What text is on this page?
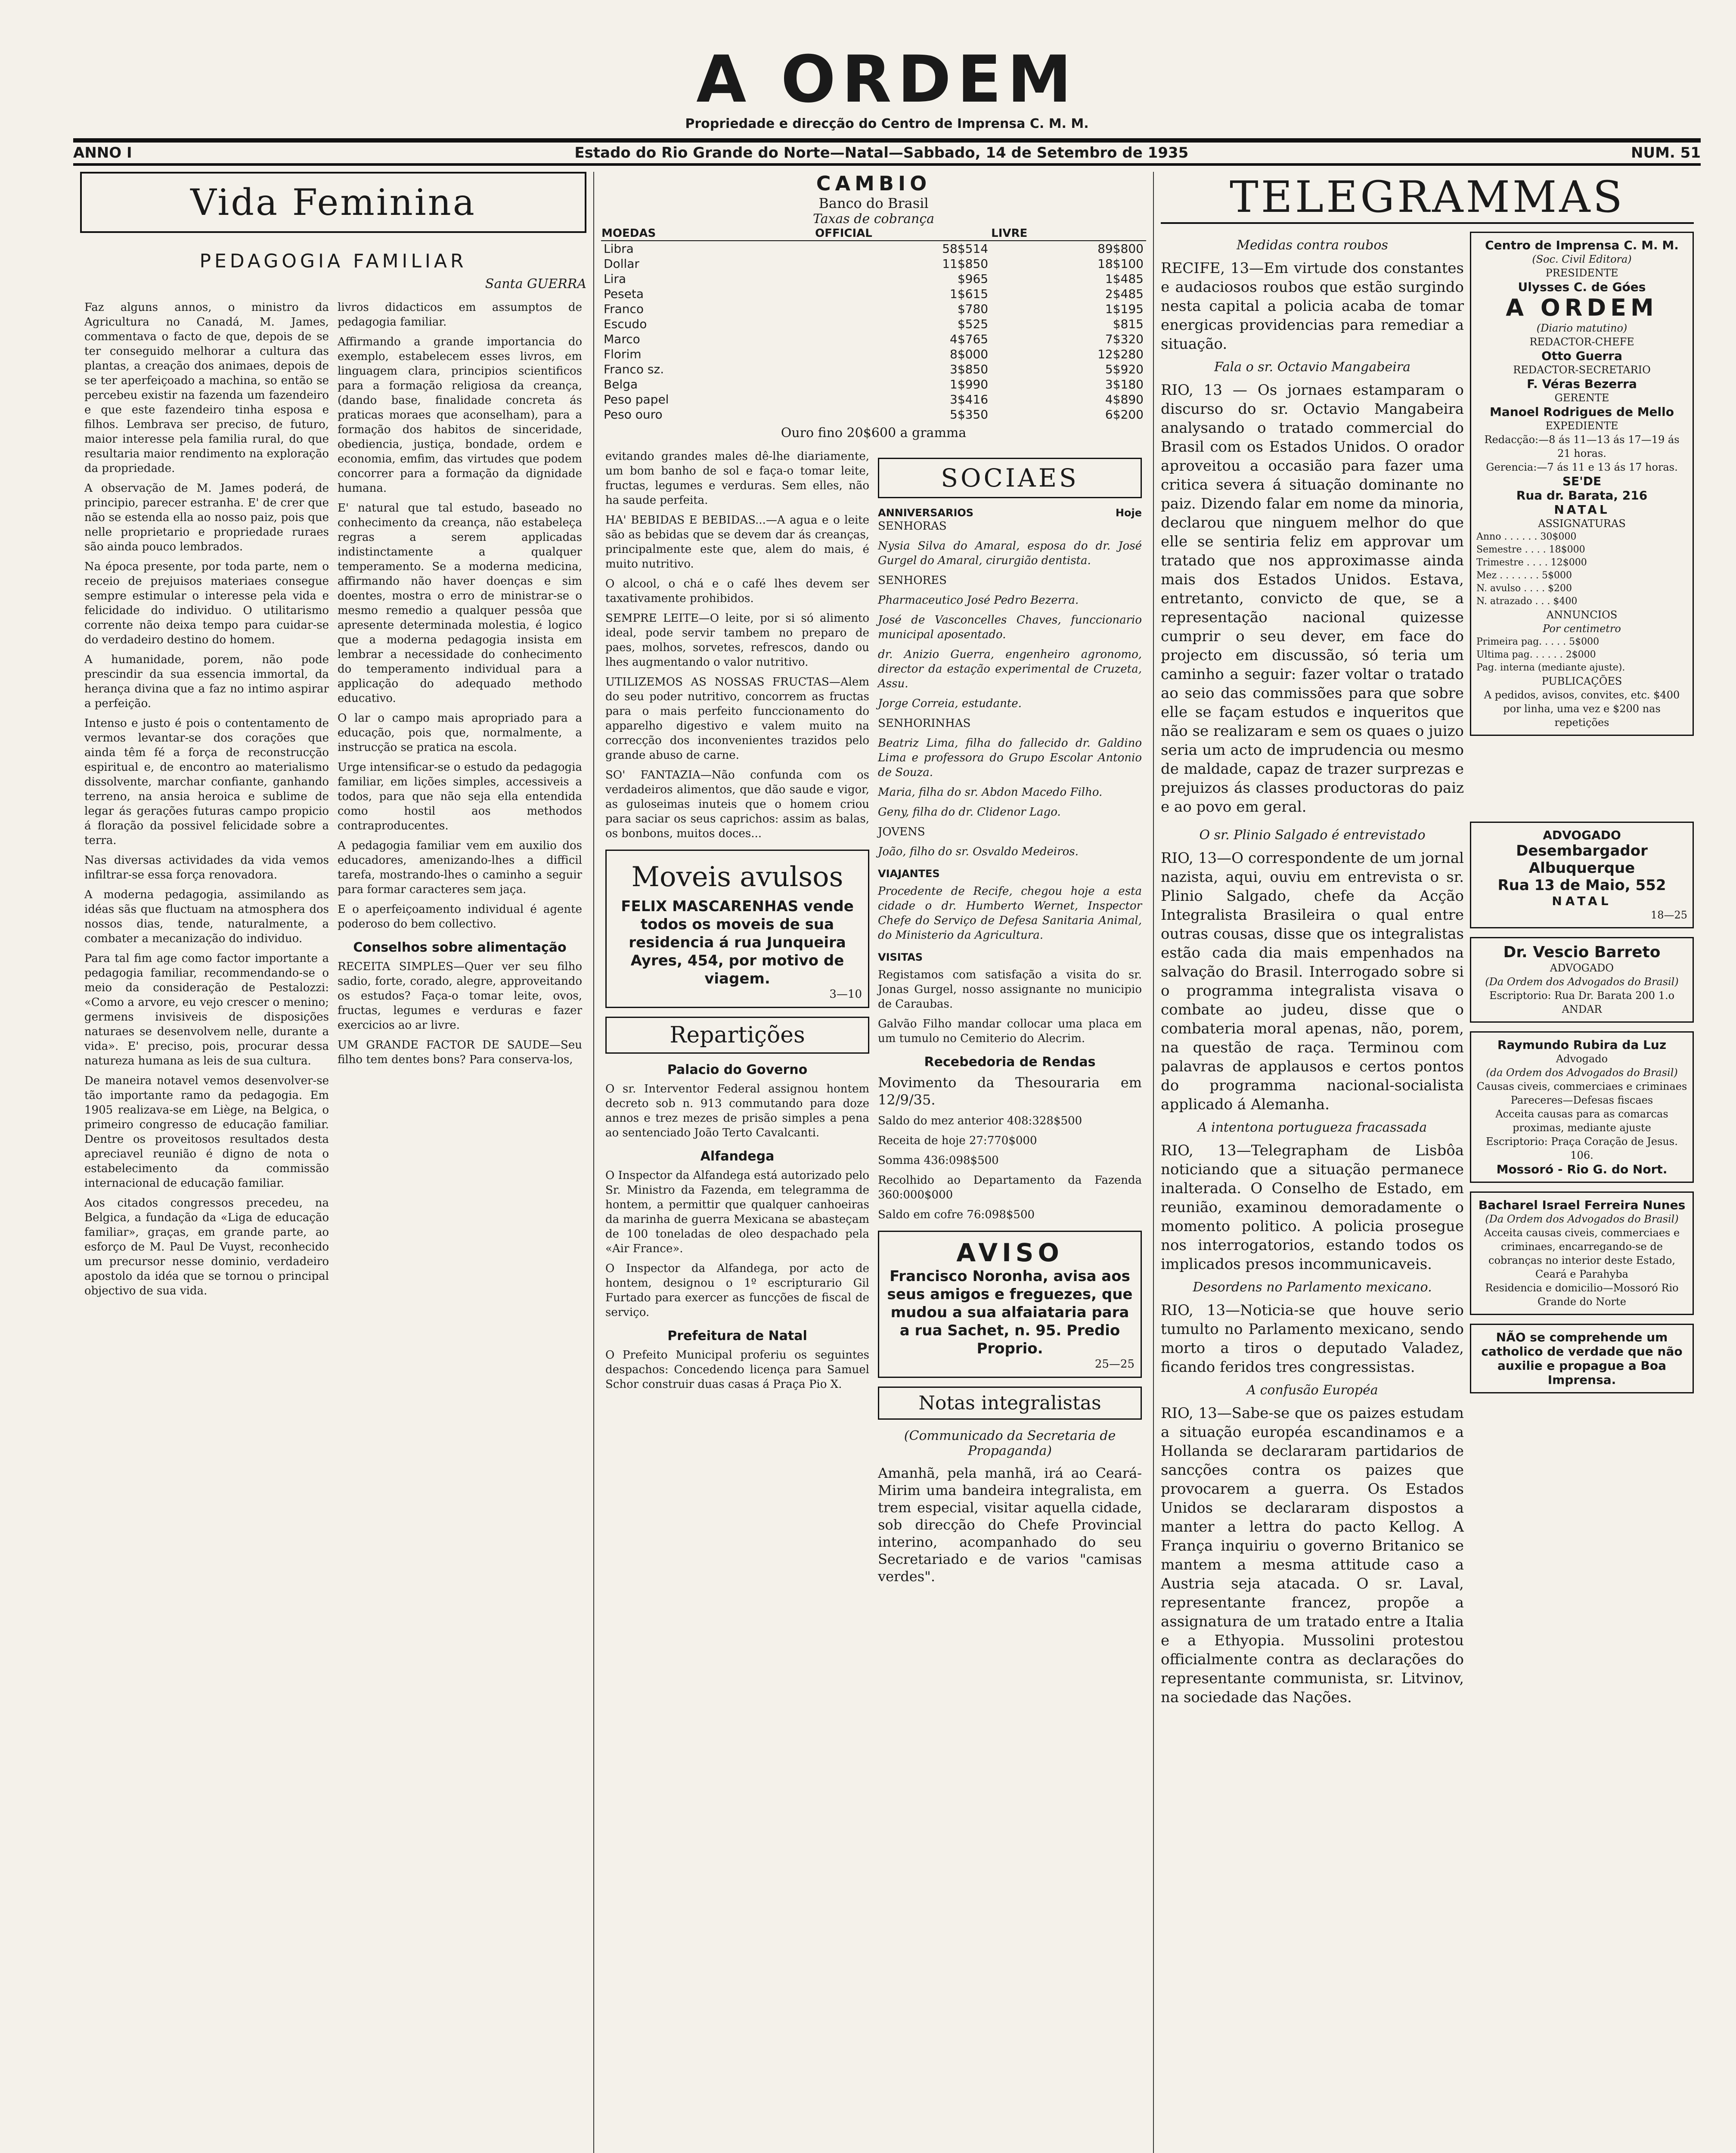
A ORDEM
Propriedade e direcção do Centro de Imprensa C. M. M.
ANNO I	Estado do Rio Grande do Norte—Natal—Sabbado, 14 de Setembro de 1935	NUM. 51
Vida Feminina
PEDAGOGIA FAMILIAR
Santa GUERRA

Faz alguns annos, o ministro da Agricultura no Canadá, M. James, commentava o facto de que, depois de se ter conseguido melhorar a cultura das plantas, a creação dos animaes, depois de se ter aperfeiçoado a machina, so então se percebeu existir na fazenda um fazendeiro e que este fazendeiro tinha esposa e filhos. Lembrava ser preciso, de futuro, maior interesse pela familia rural, do que resultaria maior rendimento na exploração da propriedade.

A observação de M. James poderá, de principio, parecer estranha. E' de crer que não se estenda ella ao nosso paiz, pois que nelle proprietario e propriedade ruraes são ainda pouco lembrados.

Na época presente, por toda parte, nem o receio de prejuisos materiaes consegue sempre estimular o interesse pela vida e felicidade do individuo. O utilitarismo corrente não deixa tempo para cuidar-se do verdadeiro destino do homem.

A humanidade, porem, não pode prescindir da sua essencia immortal, da herança divina que a faz no intimo aspirar a perfeição.

Intenso e justo é pois o contentamento de vermos levantar-se dos corações que ainda têm fé a força de reconstrucção espiritual e, de encontro ao materialismo dissolvente, marchar confiante, ganhando terreno, na ansia heroica e sublime de legar ás gerações futuras campo propicio á floração da possivel felicidade sobre a terra.

Nas diversas actividades da vida vemos infiltrar-se essa força renovadora.

A moderna pedagogia, assimilando as idéas sãs que fluctuam na atmosphera dos nossos dias, tende, naturalmente, a combater a mecanização do individuo.

Para tal fim age como factor importante a pedagogia familiar, recommendando-se o meio da consideração de Pestalozzi: «Como a arvore, eu vejo crescer o menino; germens invisiveis de disposições naturaes se desenvolvem nelle, durante a vida». E' preciso, pois, procurar dessa natureza humana as leis de sua cultura.

De maneira notavel vemos desenvolver-se tão importante ramo da pedagogia. Em 1905 realizava-se em Liège, na Belgica, o primeiro congresso de educação familiar. Dentre os proveitosos resultados desta apreciavel reunião é digno de nota o estabelecimento da commissão internacional de educação familiar.

Aos citados congressos precedeu, na Belgica, a fundação da «Liga de educação familiar», graças, em grande parte, ao esforço de M. Paul De Vuyst, reconhecido um precursor nesse dominio, verdadeiro apostolo da idéa que se tornou o principal objectivo de sua vida.

livros didacticos em assumptos de pedagogia familiar.

Affirmando a grande importancia do exemplo, estabelecem esses livros, em linguagem clara, principios scientificos para a formação religiosa da creança, (dando base, finalidade concreta ás praticas moraes que aconselham), para a formação dos habitos de sinceridade, obediencia, justiça, bondade, ordem e economia, emfim, das virtudes que podem concorrer para a formação da dignidade humana.

E' natural que tal estudo, baseado no conhecimento da creança, não estabeleça regras a serem applicadas indistinctamente a qualquer temperamento. Se a moderna medicina, affirmando não haver doenças e sim doentes, mostra o erro de ministrar-se o mesmo remedio a qualquer pessôa que apresente determinada molestia, é logico que a moderna pedagogia insista em lembrar a necessidade do conhecimento do temperamento individual para a applicação do adequado methodo educativo.

O lar o campo mais apropriado para a educação, pois que, normalmente, a instrucção se pratica na escola.

Urge intensificar-se o estudo da pedagogia familiar, em lições simples, accessiveis a todos, para que não seja ella entendida como hostil aos methodos contraproducentes.

A pedagogia familiar vem em auxilio dos educadores, amenizando-lhes a difficil tarefa, mostrando-lhes o caminho a seguir para formar caracteres sem jaça.

E o aperfeiçoamento individual é agente poderoso do bem collectivo.

Conselhos sobre alimentação

RECEITA SIMPLES—Quer ver seu filho sadio, forte, corado, alegre, approveitando os estudos? Faça-o tomar leite, ovos, fructas, legumes e verduras e fazer exercicios ao ar livre.

UM GRANDE FACTOR DE SAUDE—Seu filho tem dentes bons? Para conserva-los,

CAMBIO
Banco do Brasil
Taxas de cobrança
MOEDAS	OFFICIAL	LIVRE
Libra	58$514	89$800
Dollar	11$850	18$100
Lira	$965	1$485
Peseta	1$615	2$485
Franco	$780	1$195
Escudo	$525	$815
Marco	4$765	7$320
Florim	8$000	12$280
Franco sz.	3$850	5$920
Belga	1$990	3$180
Peso papel	3$416	4$890
Peso ouro	5$350	6$200
Ouro fino 20$600 a gramma

evitando grandes males dê-lhe diariamente, um bom banho de sol e faça-o tomar leite, fructas, legumes e verduras. Sem elles, não ha saude perfeita.

HA' BEBIDAS E BEBIDAS...—A agua e o leite são as bebidas que se devem dar ás creanças, principalmente este que, alem do mais, é muito nutritivo.

O alcool, o chá e o café lhes devem ser taxativamente prohibidos.

SEMPRE LEITE—O leite, por si só alimento ideal, pode servir tambem no preparo de paes, molhos, sorvetes, refrescos, dando ou lhes augmentando o valor nutritivo.

UTILIZEMOS AS NOSSAS FRUCTAS—Alem do seu poder nutritivo, concorrem as fructas para o mais perfeito funccionamento do apparelho digestivo e valem muito na correcção dos inconvenientes trazidos pelo grande abuso de carne.

SO' FANTAZIA—Não confunda com os verdadeiros alimentos, que dão saude e vigor, as guloseimas inuteis que o homem criou para saciar os seus caprichos: assim as balas, os bonbons, muitos doces...

Moveis avulsos
FELIX MASCARENHAS vende todos os moveis de sua residencia á rua Junqueira Ayres, 454, por motivo de viagem.
3—10
Repartições
Palacio do Governo

O sr. Interventor Federal assignou hontem decreto sob n. 913 commutando para doze annos e trez mezes de prisão simples a pena ao sentenciado João Terto Cavalcanti.

Alfandega

O Inspector da Alfandega está autorizado pelo Sr. Ministro da Fazenda, em telegramma de hontem, a permittir que qualquer canhoeiras da marinha de guerra Mexicana se abasteçam de 100 toneladas de oleo despachado pela «Air France».

O Inspector da Alfandega, por acto de hontem, designou o 1º escripturario Gil Furtado para exercer as funcções de fiscal de serviço.

Prefeitura de Natal

O Prefeito Municipal proferiu os seguintes despachos: Concedendo licença para Samuel Schor construir duas casas á Praça Pio X.

SOCIAES
ANNIVERSARIOS	Hoje

SENHORAS

Nysia Silva do Amaral, esposa do dr. José Gurgel do Amaral, cirurgião dentista.

SENHORES

Pharmaceutico José Pedro Bezerra.

José de Vasconcelles Chaves, funccionario municipal aposentado.

dr. Anizio Guerra, engenheiro agronomo, director da estação experimental de Cruzeta, Assu.

Jorge Correia, estudante.

SENHORINHAS

Beatriz Lima, filha do fallecido dr. Galdino Lima e professora do Grupo Escolar Antonio de Souza.

Maria, filha do sr. Abdon Macedo Filho.

Geny, filha do dr. Clidenor Lago.

JOVENS

João, filho do sr. Osvaldo Medeiros.

VIAJANTES

Procedente de Recife, chegou hoje a esta cidade o dr. Humberto Wernet, Inspector Chefe do Serviço de Defesa Sanitaria Animal, do Ministerio da Agricultura.

VISITAS

Registamos com satisfação a visita do sr. Jonas Gurgel, nosso assignante no municipio de Caraubas.

Galvão Filho mandar collocar uma placa em um tumulo no Cemiterio do Alecrim.

Recebedoria de Rendas

Movimento da Thesouraria em 12/9/35.

Saldo do mez anterior 408:328$500

Receita de hoje 27:770$000

Somma 436:098$500

Recolhido ao Departamento da Fazenda 360:000$000

Saldo em cofre 76:098$500

AVISO
Francisco Noronha, avisa aos seus amigos e freguezes, que mudou a sua alfaiataria para a rua Sachet, n. 95. Predio Proprio.
25—25
Notas integralistas
(Communicado da Secretaria de Propaganda)

Amanhã, pela manhã, irá ao Ceará-Mirim uma bandeira integralista, em trem especial, visitar aquella cidade, sob direcção do Chefe Provincial interino, acompanhado do seu Secretariado e de varios "camisas verdes".

TELEGRAMMAS
Medidas contra roubos

RECIFE, 13—Em virtude dos constantes e audaciosos roubos que estão surgindo nesta capital a policia acaba de tomar energicas providencias para remediar a situação.

Fala o sr. Octavio Mangabeira

RIO, 13 — Os jornaes estamparam o discurso do sr. Octavio Mangabeira analysando o tratado commercial do Brasil com os Estados Unidos. O orador aproveitou a occasião para fazer uma critica severa á situação dominante no paiz. Dizendo falar em nome da minoria, declarou que ninguem melhor do que elle se sentiria feliz em approvar um tratado que nos approximasse ainda mais dos Estados Unidos. Estava, entretanto, convicto de que, se a representação nacional quizesse cumprir o seu dever, em face do projecto em discussão, só teria um caminho a seguir: fazer voltar o tratado ao seio das commissões para que sobre elle se façam estudos e inqueritos que não se realizaram e sem os quaes o juizo seria um acto de imprudencia ou mesmo de maldade, capaz de trazer surprezas e prejuizos ás classes productoras do paiz e ao povo em geral.

Centro de Imprensa C. M. M.
(Soc. Civil Editora)
PRESIDENTE
Ulysses C. de Góes
A ORDEM
(Diario matutino)
REDACTOR-CHEFE
Otto Guerra
REDACTOR-SECRETARIO
F. Véras Bezerra
GERENTE
Manoel Rodrigues de Mello
EXPEDIENTE
Redacção:—8 ás 11—13 ás 17—19 ás 21 horas.
Gerencia:—7 ás 11 e 13 ás 17 horas.
SE'DE
Rua dr. Barata, 216
NATAL
ASSIGNATURAS
Anno . . . . . . 30$000
Semestre . . . . 18$000
Trimestre . . . . 12$000
Mez . . . . . . . 5$000
N. avulso . . . . $200
N. atrazado . . . $400
ANNUNCIOS
Por centimetro
Primeira pag. . . . . 5$000
Ultima pag. . . . . . 2$000
Pag. interna (mediante ajuste).
PUBLICAÇÕES
A pedidos, avisos, convites, etc. $400 por linha, uma vez e $200 nas repetições
O sr. Plinio Salgado é entrevistado

RIO, 13—O correspondente de um jornal nazista, aqui, ouviu em entrevista o sr. Plinio Salgado, chefe da Acção Integralista Brasileira o qual entre outras cousas, disse que os integralistas estão cada dia mais empenhados na salvação do Brasil. Interrogado sobre si o programma integralista visava o combate ao judeu, disse que o combateria moral apenas, não, porem, na questão de raça. Terminou com palavras de applausos e certos pontos do programma nacional-socialista applicado á Alemanha.

A intentona portugueza fracassada

RIO, 13—Telegrapham de Lisbôa noticiando que a situação permanece inalterada. O Conselho de Estado, em reunião, examinou demoradamente o momento politico. A policia prosegue nos interrogatorios, estando todos os implicados presos incommunicaveis.

Desordens no Parlamento mexicano.

RIO, 13—Noticia-se que houve serio tumulto no Parlamento mexicano, sendo morto a tiros o deputado Valadez, ficando feridos tres congressistas.

A confusão Européa

RIO, 13—Sabe-se que os paizes estudam a situação européa escandinamos e a Hollanda se declararam partidarios de sancções contra os paizes que provocarem a guerra. Os Estados Unidos se declararam dispostos a manter a lettra do pacto Kellog. A França inquiriu o governo Britanico se mantem a mesma attitude caso a Austria seja atacada. O sr. Laval, representante francez, propõe a assignatura de um tratado entre a Italia e a Ethyopia. Mussolini protestou officialmente contra as declarações do representante communista, sr. Litvinov, na sociedade das Nações.

ADVOGADO
Desembargador Albuquerque
Rua 13 de Maio, 552
NATAL
18—25
Dr. Vescio Barreto
ADVOGADO
(Da Ordem dos Advogados do Brasil)
Escriptorio: Rua Dr. Barata 200 1.o ANDAR
Raymundo Rubira da Luz
Advogado
(da Ordem dos Advogados do Brasil)
Causas civeis, commerciaes e criminaes
Pareceres—Defesas fiscaes
Acceita causas para as comarcas proximas, mediante ajuste
Escriptorio: Praça Coração de Jesus. 106.
Mossoró - Rio G. do Nort.
Bacharel Israel Ferreira Nunes
(Da Ordem dos Advogados do Brasil)
Acceita causas civeis, commerciaes e criminaes, encarregando-se de cobranças no interior deste Estado, Ceará e Parahyba
Residencia e domicilio—Mossoró Rio Grande do Norte
NÃO se comprehende um catholico de verdade que não auxilie e propague a Boa Imprensa.
